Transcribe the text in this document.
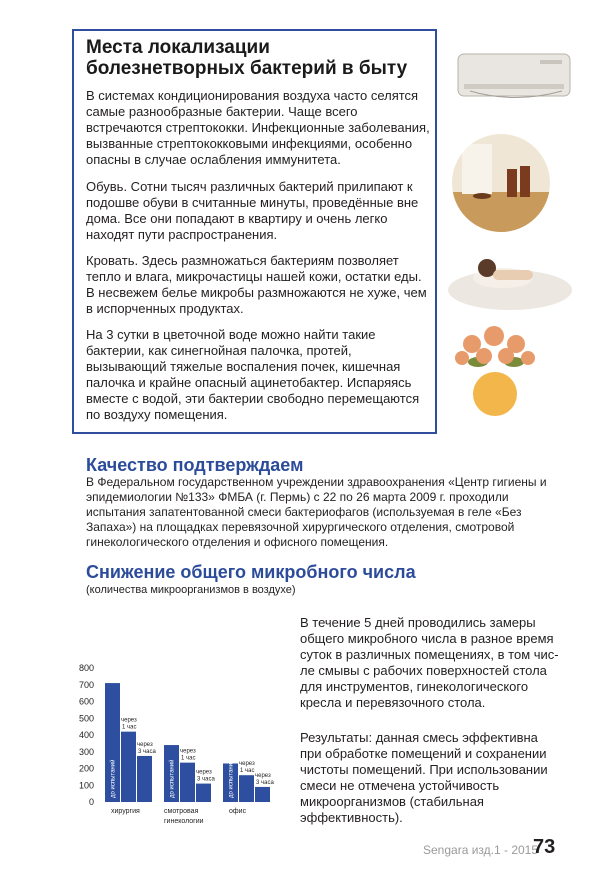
Места локализации болезнетворных бактерий в быту
В системах кондиционирования воздуха часто селятся самые разнообразные бактерии. Чаще всего встречаются стрептококки. Инфекционные заболевания, вызванные стрептококковыми инфекциями, особенно опасны в случае ослабления иммунитета.
Обувь. Сотни тысяч различных бактерий прилипают к подошве обуви в считанные минуты, проведённые вне дома. Все они попадают в квартиру и очень легко находят пути распространения.
Кровать. Здесь размножаться бактериям позволяет тепло и влага, микрочастицы нашей кожи, остатки еды. В несвежем белье микробы размножаются не хуже, чем в испорченных продуктах.
На 3 сутки в цветочной воде можно найти такие бактерии, как синегнойная палочка, протей, вызывающий тяжелые воспаления почек, кишечная палочка и крайне опасный ацинетобактер. Испаряясь вместе с водой, эти бактерии свободно перемещаются по воздуху помещения.
Качество подтверждаем
В Федеральном государственном учреждении здравоохранения «Центр гигиены и эпидемиологии №133» ФМБА (г. Пермь) с 22 по 26 марта 2009 г. проходили испытания запатентованной смеси бактериофагов (используемая в геле «Без Запаха») на площадках перевязочной хирургического отделения, смотровой гинекологического отделения и офисного помещения.
Снижение общего микробного числа
(количества микроорганизмов в воздухе)
800
700
600
500
400
300
200
100
0
до испытаний
через
1 час
через
3 часа
хирургия
до испытаний
через
1 час
через
3 часа
смотровая
гинекологии
до испытаний через
1 час
через
3 часа
офис
В течение 5 дней проводились замеры общего микробного числа в разное время суток в различных помещениях, в том чис-ле смывы с рабочих поверхностей стола для инструментов, гинекологического кресла и перевязочного стола.
Результаты: данная смесь эффективна при обработке помещений и сохранении чистоты помещений. При использовании смеси не отмечена устойчивость микроорганизмов (стабильная эффективность).
Sengara изд.1 - 2015
73
